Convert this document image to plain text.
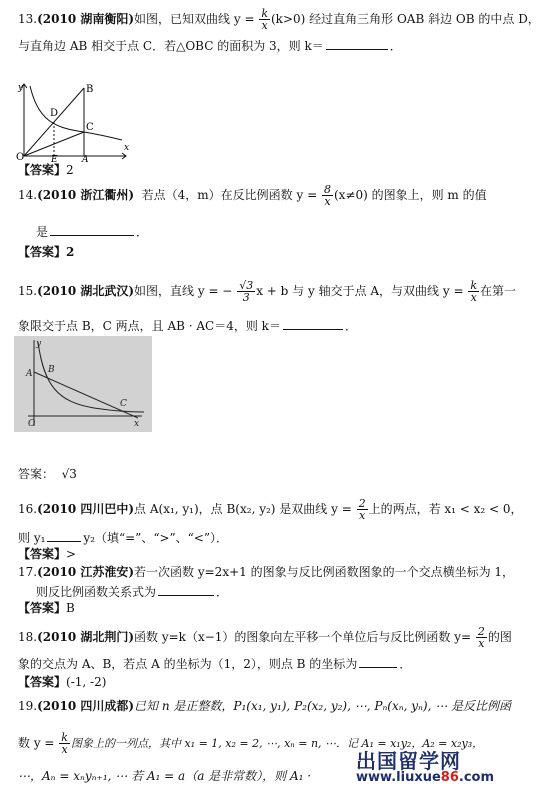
13.(2010 湖南衡阳)如图，已知双曲线 $y = \frac{k}{x} (k>0)$ 经过直角三角形 OAB 斜边 OB 的中点 D，
与直角边 AB 相交于点 C．若△OBC 的面积为 3，则 k＝	．
y
x
D
B
C
O	E	A
【答案】2
14.(2010 浙江衢州) 若点（4，m）在反比例函数 $y = \frac{8}{x} (x\ne 0)$ 的图象上，则 m 的值
是	．
【答案】2
15.(2010 湖北武汉)如图，直线 y = − $\frac{√3}{3}$ x + b 与 y 轴交于点 A，与双曲线 $y = \frac{k}{x}$ 在第一
象限交于点 B，C 两点，且 AB · AC＝4，则 k＝	．
y
A B
C
O	x
答案： √3
16.(2010 四川巴中)点 A(x₁, y₁)，点 B(x₂, y₂) 是双曲线 $y = \frac{2}{x}$ 上的两点，若 x₁ < x₂ < 0，
则 y₁	y₂（填“=”、“>”、“<”）．
【答案】>
17.(2010 江苏淮安)若一次函数 y=2x+1 的图象与反比例函数图象的一个交点横坐标为 1，
则反比例函数关系式为	．
【答案】B
18.(2010 湖北荆门)函数 y=k（x−1）的图象向左平移一个单位后与反比例函数 $y= \frac{2}{x}$ 的图
象的交点为 A、B，若点 A 的坐标为（1，2），则点 B 的坐标为	．
【答案】(-1, -2)
19.(2010 四川成都)已知 n 是正整数，P₁(x₁, y₁), P₂(x₂, y₂), ⋯, Pₙ(xₙ, yₙ), ⋯ 是反比例函
数 $y = \frac{k}{x}$ 图象上的一列点，其中 x₁ = 1, x₂ = 2, ⋯, xₙ = n, ⋯．记 A₁ = x₁y₂，A₂ = x₂y₃，
⋯，Aₙ = xₙyₙ₊₁, ⋯ 若 A₁ = a（a 是非常数），则 A₁ ·
出国留学网
www.liuxue86.com
